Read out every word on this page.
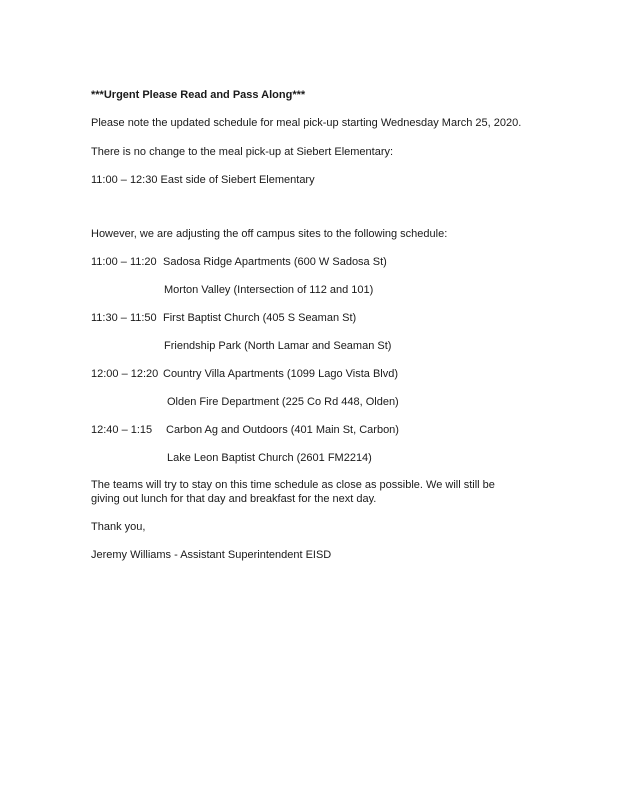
***Urgent Please Read and Pass Along***
Please note the updated schedule for meal pick-up starting Wednesday March 25, 2020.
There is no change to the meal pick-up at Siebert Elementary:
11:00 – 12:30 East side of Siebert Elementary
However, we are adjusting the off campus sites to the following schedule:
11:00 – 11:20 Sadosa Ridge Apartments (600 W Sadosa St)
Morton Valley (Intersection of 112 and 101)
11:30 – 11:50 First Baptist Church (405 S Seaman St)
Friendship Park (North Lamar and Seaman St)
12:00 – 12:20 Country Villa Apartments (1099 Lago Vista Blvd)
Olden Fire Department (225 Co Rd 448, Olden)
12:40 – 1:15 Carbon Ag and Outdoors (401 Main St, Carbon)
Lake Leon Baptist Church (2601 FM2214)
The teams will try to stay on this time schedule as close as possible. We will still be
giving out lunch for that day and breakfast for the next day.
Thank you,
Jeremy Williams - Assistant Superintendent EISD
